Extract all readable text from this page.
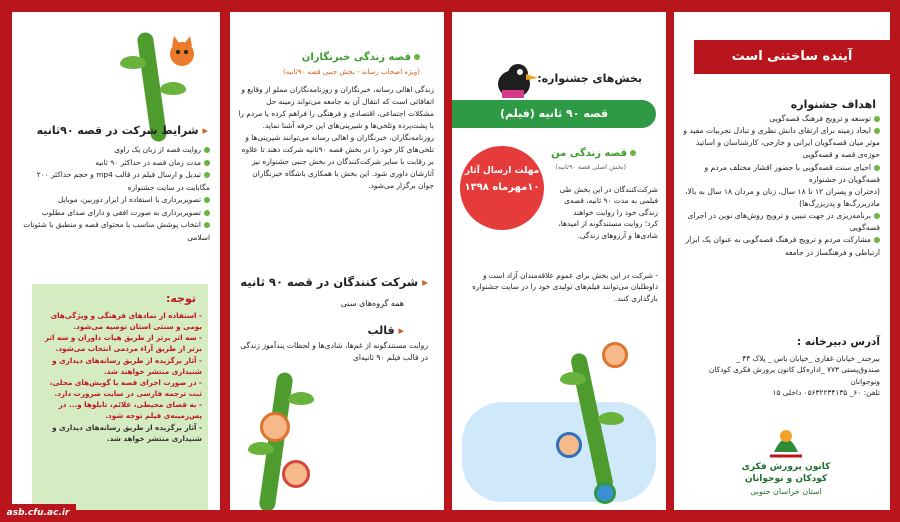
آینده ساختنی است
اهداف جشنواره
توسعه و ترویج فرهنگ قصه‌گویی
ایجاد زمینه برای ارتقای دانش نظری و تبادل تجربیات مفید و موثر میان قصه‌گویان ایرانی و خارجی، کارشناسان و اساتید حوزه‌ی قصه و قصه‌گویی
احیای سنت قصه‌گویی با حضور اقشار مختلف مردم و قصه‌گویان در جشنواره
(دختران و پسران ۱۲ تا ۱۸ سال، زنان و مردان ۱۸ سال به بالا، مادربزرگ‌ها و پدربزرگ‌ها)
برنامه‌ریزی در جهت تبیین و ترویج روش‌های نوین در اجرای قصه‌گویی
مشارکت مردم و ترویج فرهنگ قصه‌گویی به عنوان یک ابزار ارتباطی و فرهنگساز در جامعه
آدرس دبیرخانه :
بیرجند_ خیابان غفاری _خیابان یاس _ پلاک ۴۴ _
صندوق‌پستی ۷۷۳ _اداره‌کل کانون پرورش فکری کودکان ونوجوانان
تلفن: ۶۰_ ۰۵۶۳۲۲۳۴۱۳۵ داخلی ۱۵
کانون پرورش فکری
کودکان و نوجوانان
استان خراسان جنوبی
بخش‌های جشنواره:
قصه ۹۰ ثانیه (فیلم)
قصه زندگی من
(بخش اصلی قصه ۹۰ثانیه)
مهلت ارسال آثار
۱۰مهرماه ۱۳۹۸	شرکت‌کنندگان در این بخش طی فیلمی به مدت ۹۰ ثانیه، قصه‌ی زندگی خود را روایت خواهند کرد؛ روایت مستندگونه از امیدها، شادی‌ها و آرزوهای زندگی.
- شرکت در این بخش برای عموم علاقه‌مندان آزاد است و داوطلبان می‌توانند فیلم‌های تولیدی خود را در سایت جشنواره بارگذاری کنند.
قصه زندگی خبرنگاران
(ویژه اصحاب رسانه - بخش جنبی قصه ۹۰ثانیه)
زندگی اهالی رسانه، خبرنگاران و روزنامه‌نگاران مملو از وقایع و اتفاقاتی است که انتقال آن به جامعه می‌تواند زمینه حل مشکلات اجتماعی، اقتصادی و فرهنگی را فراهم کرده یا مردم را با پشت‌پرده وتلخی‌ها و شیرینی‌های این حرفه آشنا نماید. روزنامه‌نگاران، خبرنگاران و اهالی رسانه می‌توانند شیرینی‌ها و تلخی‌های کار خود را در بخش قصه ۹۰ثانیه شرکت دهند تا علاوه بر رقابت با سایر شرکت‌کنندگان در بخش جنبی جشنواره نیز آثارشان داوری شود. این بخش با همکاری باشگاه خبرنگاران جوان برگزار می‌شود.
▸ شرکت کنندگان در قصه ۹۰ ثانیه
همه گروه‌های سنی
▸ قالب
روایت مستندگونه از غم‌ها، شادی‌ها و لحظات پندآموز زندگی در قالب فیلم ۹۰ ثانیه‌ای
▸ شرایط شرکت در قصه ۹۰ثانیه
روایت قصه از زبان یک راوی
مدت زمان قصه در حداکثر ۹۰ ثانیه
تبدیل و ارسال فیلم در قالب mp4 و حجم حداکثر ۲۰۰ مگابایت در سایت جشنواره
تصویربرداری با استفاده از ابزار دوربین، موبایل
تصویربرداری به صورت افقی و دارای صدای مطلوب
انتخاب پوشش مناسب با محتوای قصه و منطبق با شئونات اسلامی
توجه:
- استفاده از نمادهای فرهنگی و ویژگی‌های بومی و سنتی استان توصیه می‌شود.
- سه اثر برتر از طریق هیات داوران و سه اثر برتر از طریق آراء مردمی انتخاب می‌شود.
- آثار برگزیده از طریق رسانه‌های دیداری و شنیداری منتشر خواهند شد.
- در صورت اجرای قصه با گویش‌های محلی، ثبت ترجمه فارسی در سایت ضرورت دارد.
- به فضای محیطی، علائم، تابلوها و... در پس‌زمینه‌ی فیلم توجه شود.
- آثار برگزیده از طریق رسانه‌های دیداری و شنیداری منتشر خواهد شد.
asb.cfu.ac.ir
